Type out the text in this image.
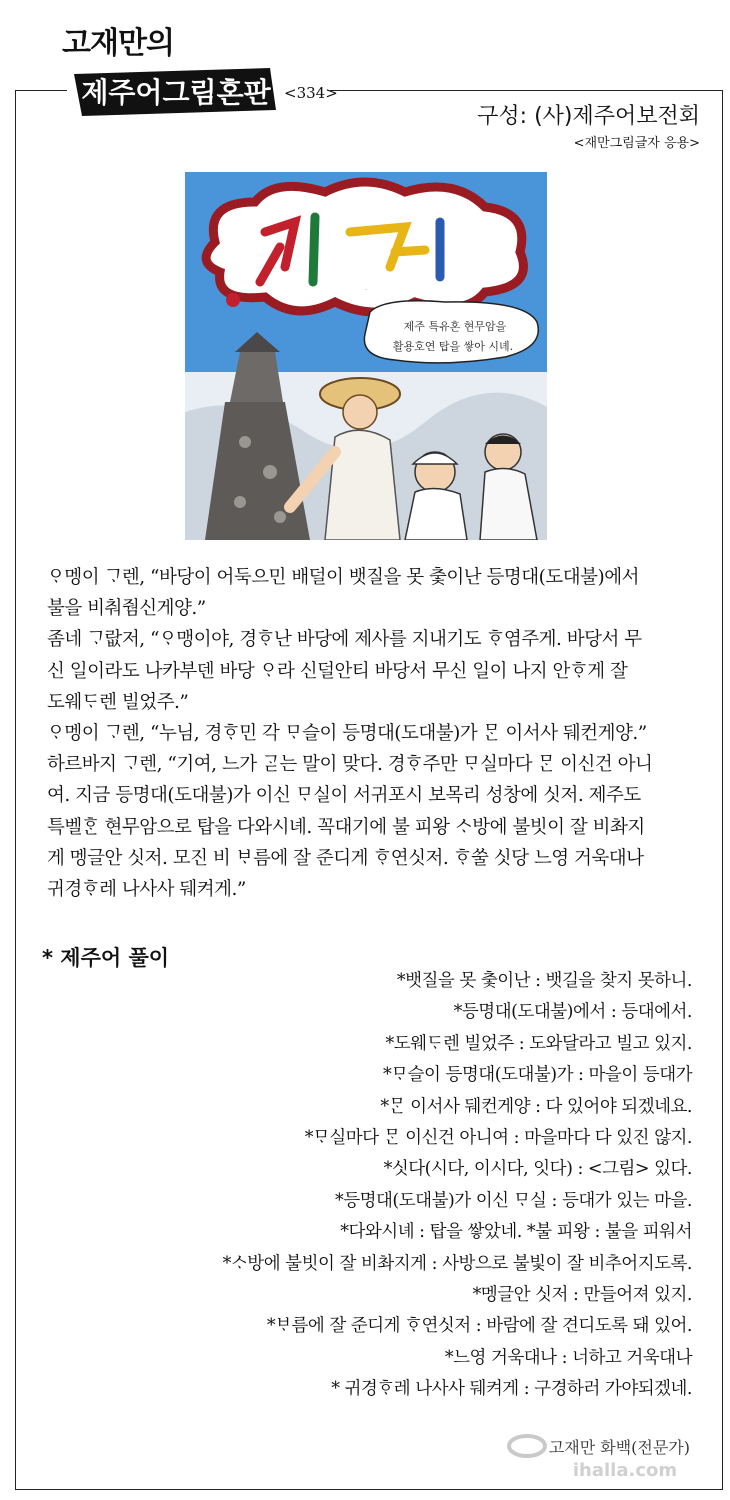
고재만의
제주어그림혼판 <334>
구성: (사)제주어보전회
<재만그림글자 응용>
싯다
제주 특유혼 현무암을
활용호연 탑을 쌓아 시녜.

ᄋᆞ멩이 ᄀᆞ렌, “바당이 어둑으민 배덜이 뱃질을 못 춫이난 등명대(도대불)에서

불을 비춰줨신게양.”

좀네 ᄀᆞ랎저, “ᄋᆞ맹이야, 경ᄒᆞ난 바당에 제사를 지내기도 ᄒᆞ염주게. 바당서 무

신 일이라도 나카부덴 바당 ᄋᆞ라 신덜안티 바당서 무신 일이 나지 안ᄒᆞ게 잘

도웨ᄃᆞ렌 빌었주.”

ᄋᆞ멩이 ᄀᆞ렌, “누님, 경ᄒᆞ민 각 ᄆᆞ슬이 등명대(도대불)가 ᄆᆞᆫ 이서사 뒈컨게양.”

하르바지 ᄀᆞ렌, “기여, 느가 ᄀᆞᆮ는 말이 맞다. 경ᄒᆞ주만 ᄆᆞ실마다 ᄆᆞᆫ 이신건 아니

여. 지금 등명대(도대불)가 이신 ᄆᆞ실이 서귀포시 보목리 성창에 싯저. 제주도

특벨ᄒᆞᆫ 현무암으로 탑을 다와시녜. 꼭대기에 불 피왕 ᄉᆞ방에 불빗이 잘 비촤지

게 멩글안 싯저. 모진 비 ᄇᆞ름에 잘 준디게 ᄒᆞ연싯저. ᄒᆞ쑬 싯당 느영 거욱대나

귀경ᄒᆞ레 나사사 뒈켜게.”

* 제주어 풀이
*뱃질을 못 춫이난 : 뱃길을 찾지 못하니.
*등명대(도대불)에서 : 등대에서.
*도웨ᄃᆞ렌 빌었주 : 도와달라고 빌고 있지.
*ᄆᆞ슬이 등명대(도대불)가 : 마을이 등대가
*ᄆᆞᆫ 이서사 뒈컨게양 : 다 있어야 되겠네요.
*ᄆᆞ실마다 ᄆᆞᆫ 이신건 아니여 : 마을마다 다 있진 않지.
*싯다(시다, 이시다, 잇다) : <그림> 있다.
*등명대(도대불)가 이신 ᄆᆞ실 : 등대가 있는 마을.
*다와시녜 : 탑을 쌓았네. *불 피왕 : 불을 피워서
*ᄉᆞ방에 불빗이 잘 비촤지게 : 사방으로 불빛이 잘 비추어지도록.
*멩글안 싯저 : 만들어져 있지.
*ᄇᆞ름에 잘 준디게 ᄒᆞ연싯저 : 바람에 잘 견디도록 돼 있어.
*느영 거욱대나 : 너하고 거욱대나
* 귀경ᄒᆞ레 나사사 뒈켜게 : 구경하러 가야되겠네.
ihalla.com
고재만 화백(전문가)
